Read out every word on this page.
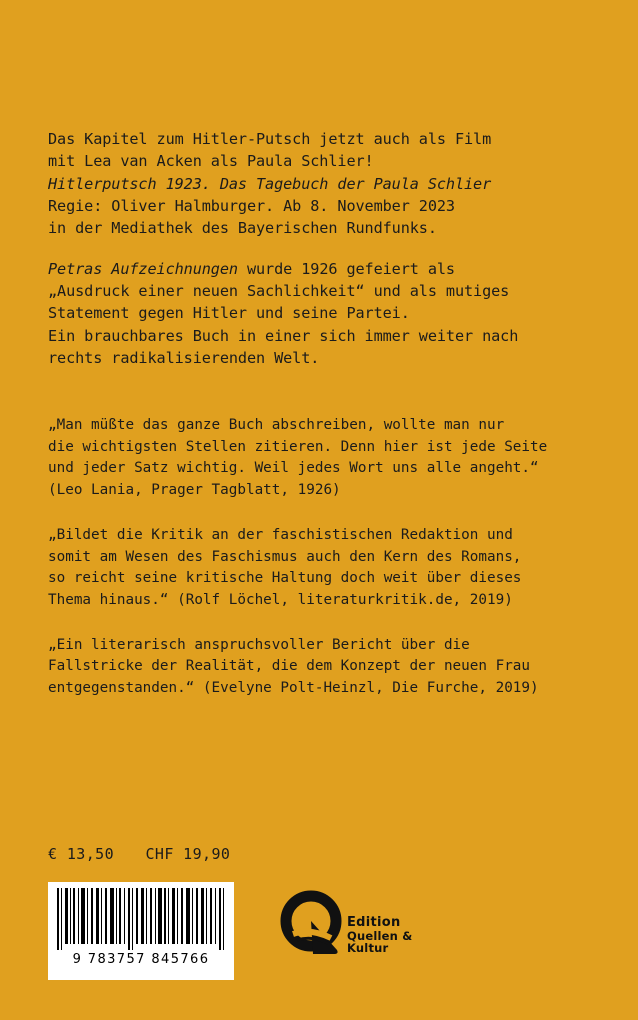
Das Kapitel zum Hitler-Putsch jetzt auch als Film

mit Lea van Acken als Paula Schlier!

Hitlerputsch 1923. Das Tagebuch der Paula Schlier

Regie: Oliver Halmburger. Ab 8. November 2023

in der Mediathek des Bayerischen Rundfunks.

Petras Aufzeichnungen wurde 1926 gefeiert als

„Ausdruck einer neuen Sachlichkeit“ und als mutiges

Statement gegen Hitler und seine Partei.

Ein brauchbares Buch in einer sich immer weiter nach

rechts radikalisierenden Welt.

„Man müßte das ganze Buch abschreiben, wollte man nur

die wichtigsten Stellen zitieren. Denn hier ist jede Seite

und jeder Satz wichtig. Weil jedes Wort uns alle angeht.“

(Leo Lania, Prager Tagblatt, 1926)

„Bildet die Kritik an der faschistischen Redaktion und

somit am Wesen des Faschismus auch den Kern des Romans,

so reicht seine kritische Haltung doch weit über dieses

Thema hinaus.“ (Rolf Löchel, literaturkritik.de, 2019)

„Ein literarisch anspruchsvoller Bericht über die

Fallstricke der Realität, die dem Konzept der neuen Frau

entgegenstanden.“ (Evelyne Polt-Heinzl, Die Furche, 2019)

€ 13,50 CHF 19,90
9 783757 845766
Edition
Quellen & Kultur
